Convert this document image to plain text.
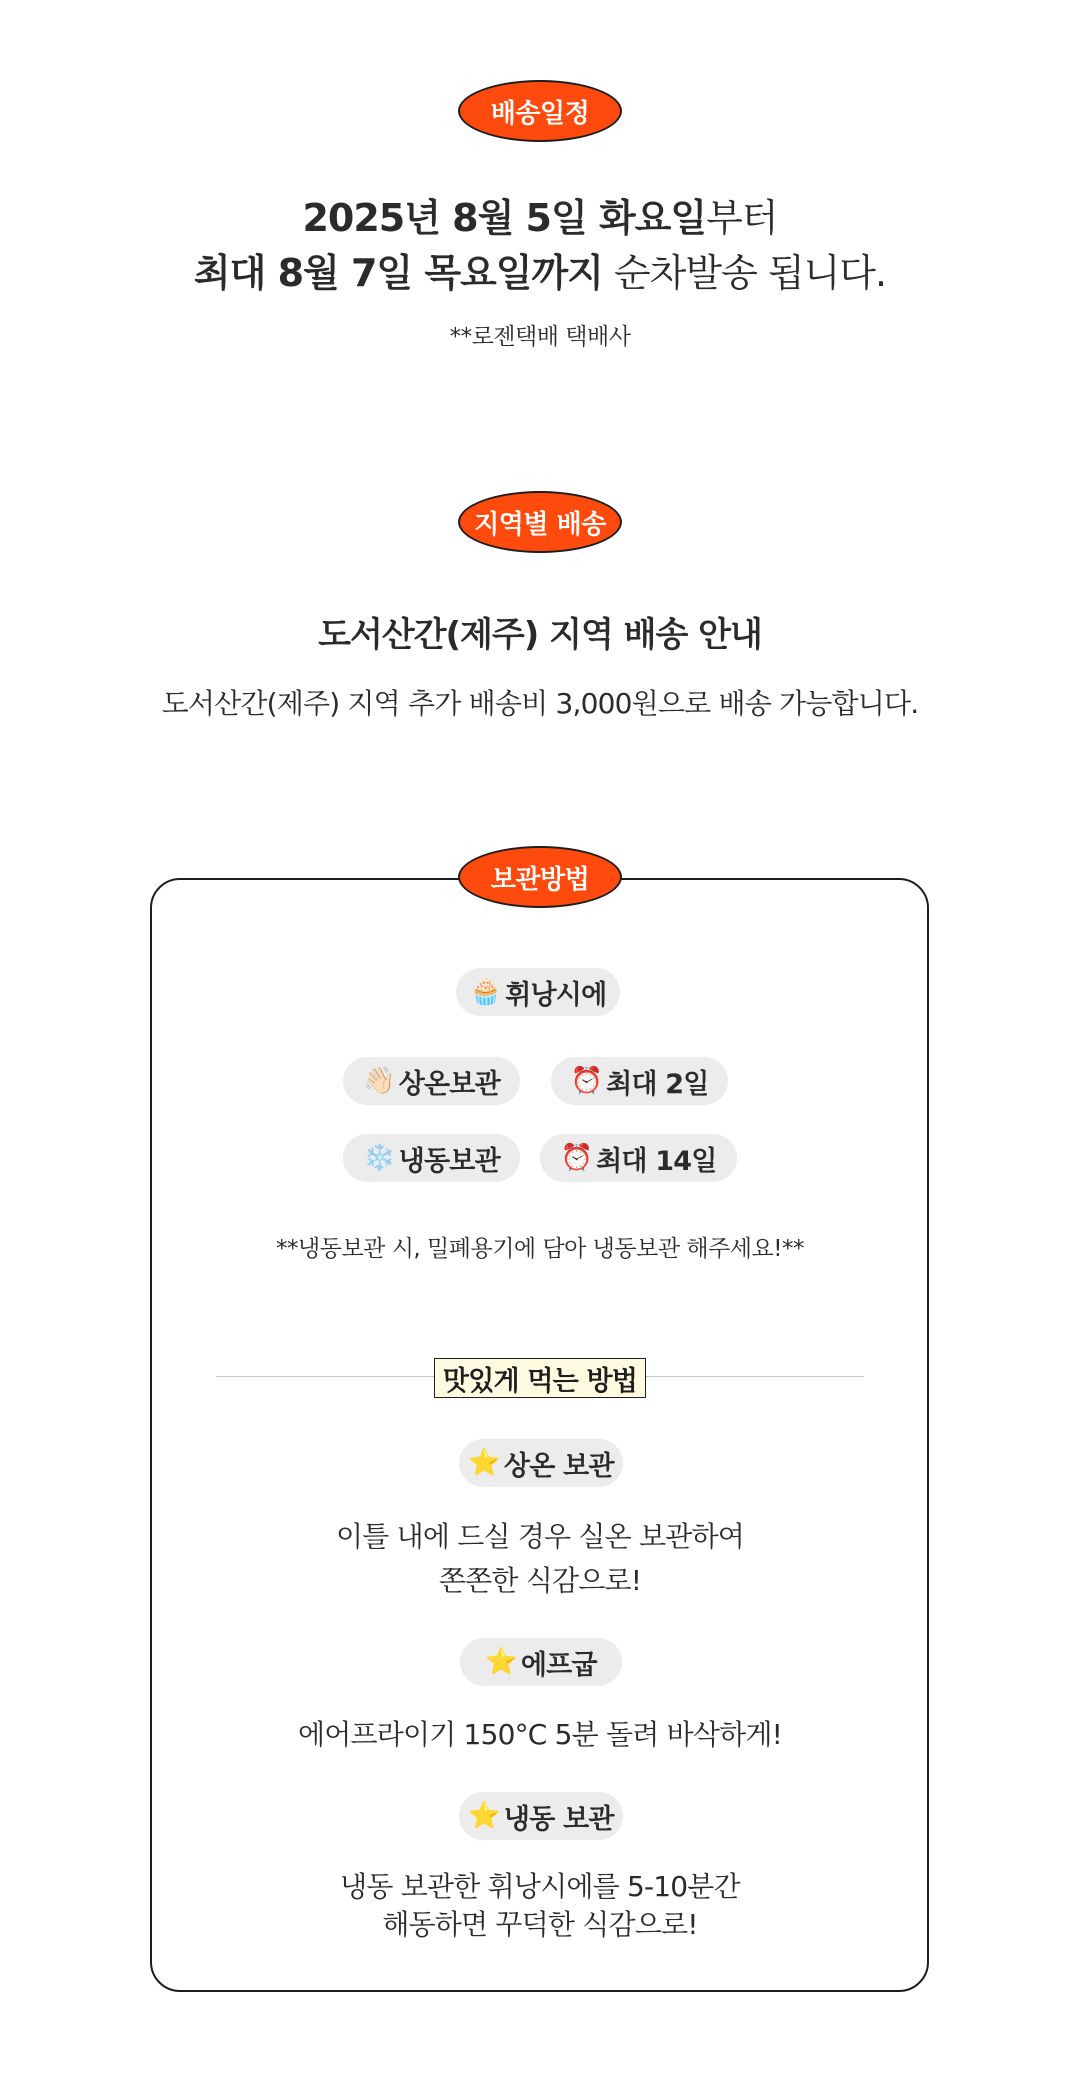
배송일정
2025년 8월 5일 화요일부터
최대 8월 7일 목요일까지 순차발송 됩니다.
**로젠택배 택배사
지역별 배송
도서산간(제주) 지역 배송 안내
도서산간(제주) 지역 추가 배송비 3,000원으로 배송 가능합니다.
보관방법
🧁 휘낭시에
👋🏻 상온보관	⏰ 최대 2일
❄️ 냉동보관 ⏰ 최대 14일
**냉동보관 시, 밀폐용기에 담아 냉동보관 해주세요!**
맛있게 먹는 방법
⭐ 상온 보관
이틀 내에 드실 경우 실온 보관하여
쫀쫀한 식감으로!
⭐ 에프굽
에어프라이기 150°C 5분 돌려 바삭하게!
⭐ 냉동 보관
냉동 보관한 휘낭시에를 5-10분간
해동하면 꾸덕한 식감으로!
